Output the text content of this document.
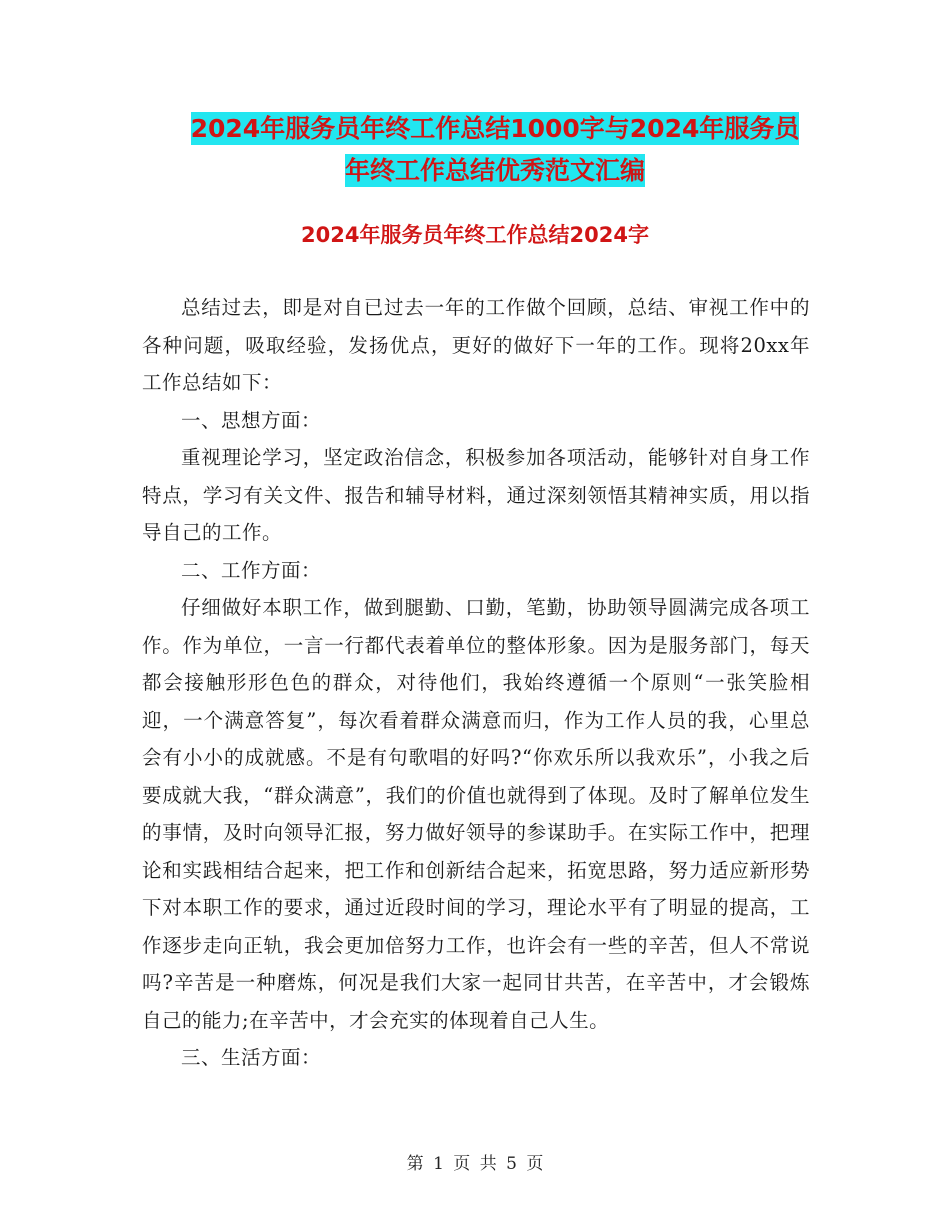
2024年服务员年终工作总结1000字与2024年服务员
年终工作总结优秀范文汇编
2024年服务员年终工作总结2024字

总结过去，即是对自已过去一年的工作做个回顾，总结、审视工作中的各种问题，吸取经验，发扬优点，更好的做好下一年的工作。现将20xx年工作总结如下：

一、思想方面：

重视理论学习，坚定政治信念，积极参加各项活动，能够针对自身工作特点，学习有关文件、报告和辅导材料，通过深刻领悟其精神实质，用以指导自己的工作。

二、工作方面：

仔细做好本职工作，做到腿勤、口勤，笔勤，协助领导圆满完成各项工作。作为单位，一言一行都代表着单位的整体形象。因为是服务部门，每天都会接触形形色色的群众，对待他们，我始终遵循一个原则“一张笑脸相迎，一个满意答复”，每次看着群众满意而归，作为工作人员的我，心里总会有小小的成就感。不是有句歌唱的好吗?“你欢乐所以我欢乐”，小我之后要成就大我，“群众满意”，我们的价值也就得到了体现。及时了解单位发生的事情，及时向领导汇报，努力做好领导的参谋助手。在实际工作中，把理论和实践相结合起来，把工作和创新结合起来，拓宽思路，努力适应新形势下对本职工作的要求，通过近段时间的学习，理论水平有了明显的提高，工作逐步走向正轨，我会更加倍努力工作，也许会有一些的辛苦，但人不常说吗?辛苦是一种磨炼，何况是我们大家一起同甘共苦，在辛苦中，才会锻炼自己的能力;在辛苦中，才会充实的体现着自己人生。

三、生活方面：

第 1 页 共 5 页
